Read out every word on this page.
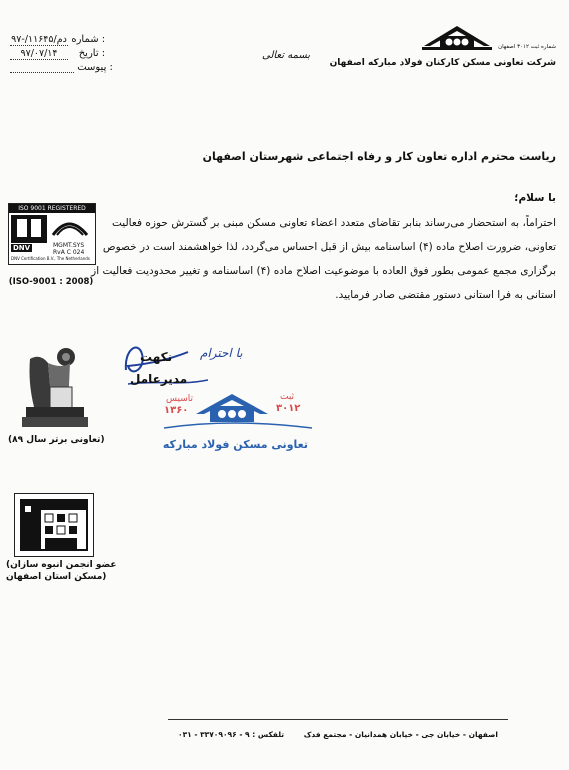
۹۷-/دم/۱۱۶۴۵ شماره :
۹۷/۰۷/۱۴ تاریخ :
پیوست :
بسمه تعالی
شماره ثبت ۳۰۱۲ اصفهان
شرکت تعاونی مسکن کارکنان فولاد مبارکه اصفهان
ISO 9001 REGISTERED
DNV	MGMT.SYS
RvA C 024
DNV Certification B.V., The Netherlands
(ISO-9001 : 2008)
(تعاونی برتر سال ۸۹)
(عضو انجمن انبوه سازان
مسکن استان اصفهان)
ریاست محترم اداره تعاون کار و رفاه اجتماعی شهرستان اصفهان
با سلام؛
احتراماً، به استحضار می‌رساند بنابر تقاضای متعدد اعضاء تعاونی مسکن مبنی بر گسترش حوزه فعالیت
تعاونی، ضرورت اصلاح ماده (۴) اساسنامه بیش از قبل احساس می‌گردد، لذا خواهشمند است در خصوص
برگزاری مجمع عمومی بطور فوق العاده با موضوعیت اصلاح ماده (۴) اساسنامه و تغییر محدودیت فعالیت از
استانی به فرا استانی دستور مقتضی صادر فرمایید.
نکهت
مدیرعامل
با احترام
تاسیس
۱۳۶۰
ثبت
۳۰۱۲
تعاونی مسکن فولاد مبارکه
تلفکس : ۹ - ۳۳۷۰۹۰۹۶ - ۰۳۱	اصفهان - خیابان جی - خیابان همدانیان - مجتمع فدک
